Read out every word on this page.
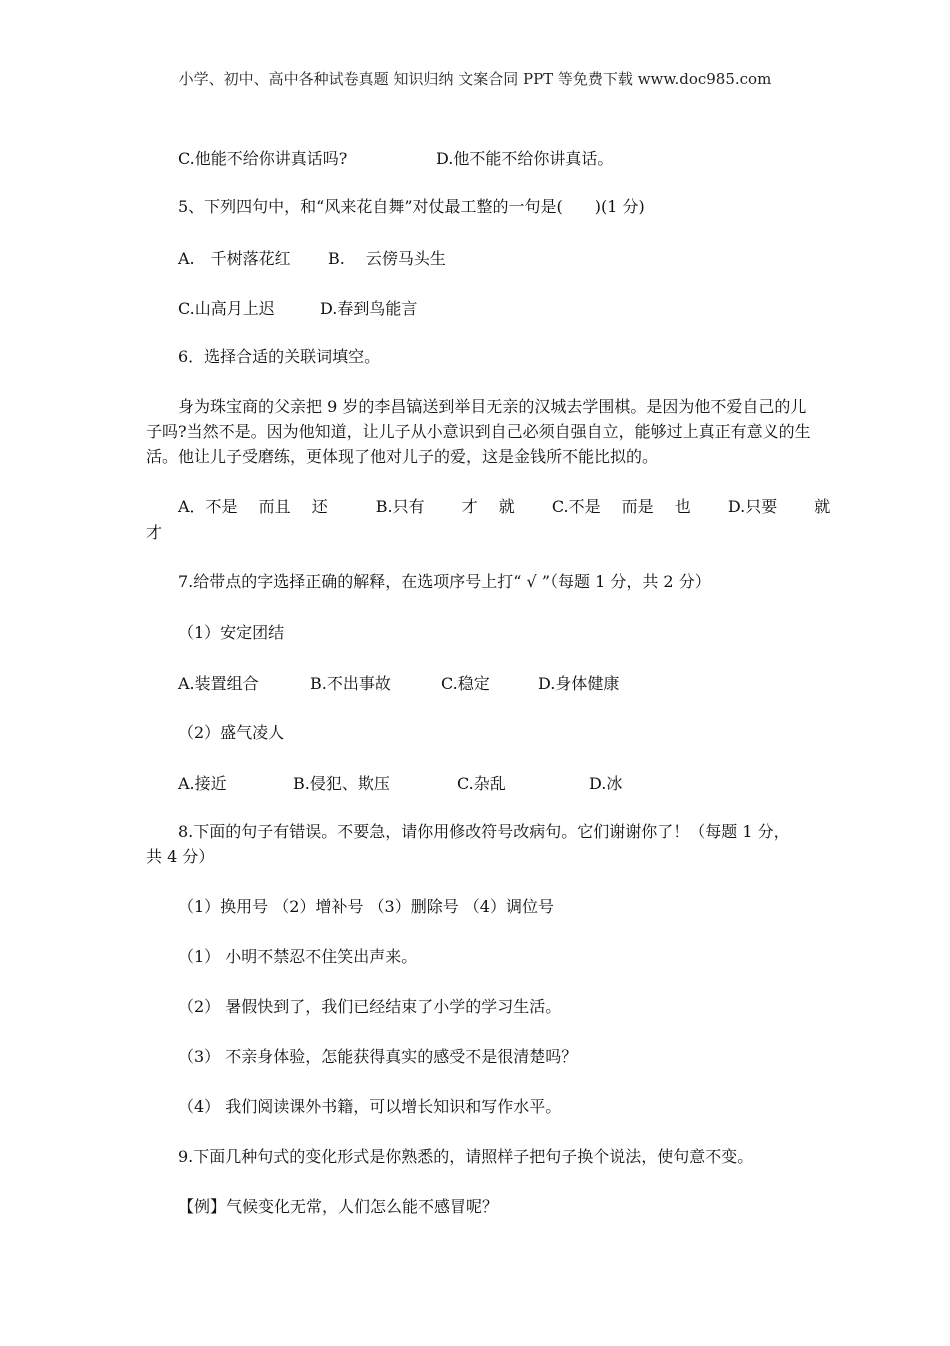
小学、初中、高中各种试卷真题 知识归纳 文案合同 PPT 等免费下载 www.doc985.com
C.他能不给你讲真话吗?	D.他不能不给你讲真话。
5、下列四句中，和“风来花自舞”对仗最工整的一句是(　　)(1 分)
A.　千树落花红 B.　 云傍马头生
C.山高月上迟	D.春到鸟能言
6．选择合适的关联词填空。
身为珠宝商的父亲把 9 岁的李昌镐送到举目无亲的汉城去学围棋。是因为他不爱自己的儿子吗?当然不是。因为他知道，让儿子从小意识到自己必须自强自立，能够过上真正有意义的生活。他让儿子受磨练，更体现了他对儿子的爱，这是金钱所不能比拟的。
A．不是　 而且　 还　　　B.只有　　 才　 就　　 C.不是　 而是　 也　　 D.只要　　 就
才
7.给带点的字选择正确的解释，在选项序号上打“ √ ”（每题 1 分，共 2 分）
（1）安定团结
A.装置组合	B.不出事故	C.稳定	D.身体健康
（2）盛气凌人
A.接近	B.侵犯、欺压	C.杂乱	D.冰
8.下面的句子有错误。不要急，请你用修改符号改病句。它们谢谢你了！（每题 1 分，
共 4 分）
（1）换用号 （2）增补号 （3）删除号 （4）调位号
（1） 小明不禁忍不住笑出声来。
（2） 暑假快到了，我们已经结束了小学的学习生活。
（3） 不亲身体验，怎能获得真实的感受不是很清楚吗？
（4） 我们阅读课外书籍，可以增长知识和写作水平。
9.下面几种句式的变化形式是你熟悉的，请照样子把句子换个说法，使句意不变。
【例】气候变化无常，人们怎么能不感冒呢？
